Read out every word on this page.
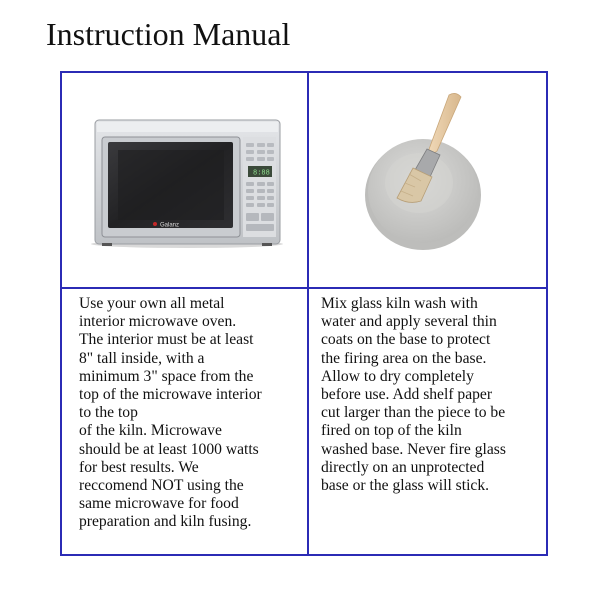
Instruction Manual
Galanz
8:88

Use your own all metal
interior microwave oven.
The interior must be at least
8" tall inside, with a
minimum 3" space from the
top of the microwave interior
to the top
of the kiln. Microwave
should be at least 1000 watts
for best results. We
reccomend NOT using the
same microwave for food
preparation and kiln fusing.

Mix glass kiln wash with
water and apply several thin
coats on the base to protect
the firing area on the base.
Allow to dry completely
before use. Add shelf paper
cut larger than the piece to be
fired on top of the kiln
washed base. Never fire glass
directly on an unprotected
base or the glass will stick.
